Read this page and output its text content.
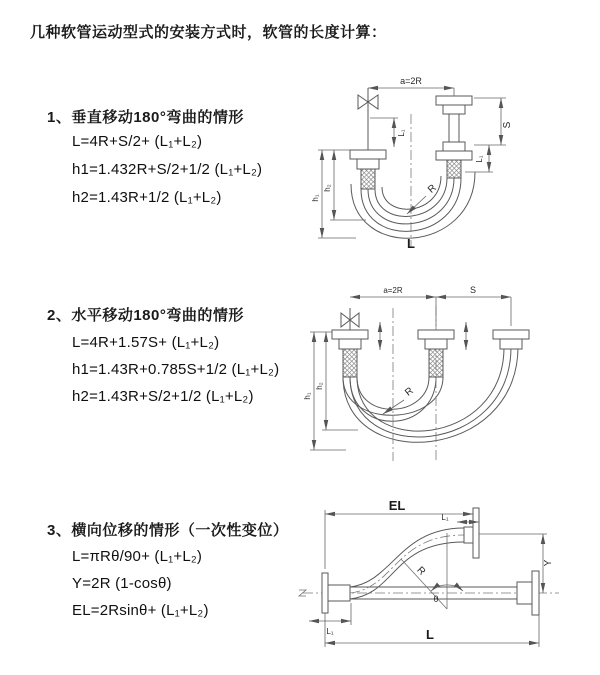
几种软管运动型式的安装方式时，软管的长度计算：
1、垂直移动180°弯曲的情形
L=4R+S/2+ (L₁+L₂)
h1=1.432R+S/2+1/2 (L₁+L₂)
h2=1.43R+1/2 (L₁+L₂)
2、水平移动180°弯曲的情形
L=4R+1.57S+ (L₁+L₂)
h1=1.43R+0.785S+1/2 (L₁+L₂)
h2=1.43R+S/2+1/2 (L₁+L₂)
3、横向位移的情形（一次性变位）
L=πRθ/90+ (L₁+L₂)
Y=2R (1-cosθ)
EL=2Rsinθ+ (L₁+L₂)
a=2R
S
L₁
L₁
h₁
h₂	R
L
a=2R	S
h₁
h₂	R
EL
L₁
Y
R
θ
L
L₁
